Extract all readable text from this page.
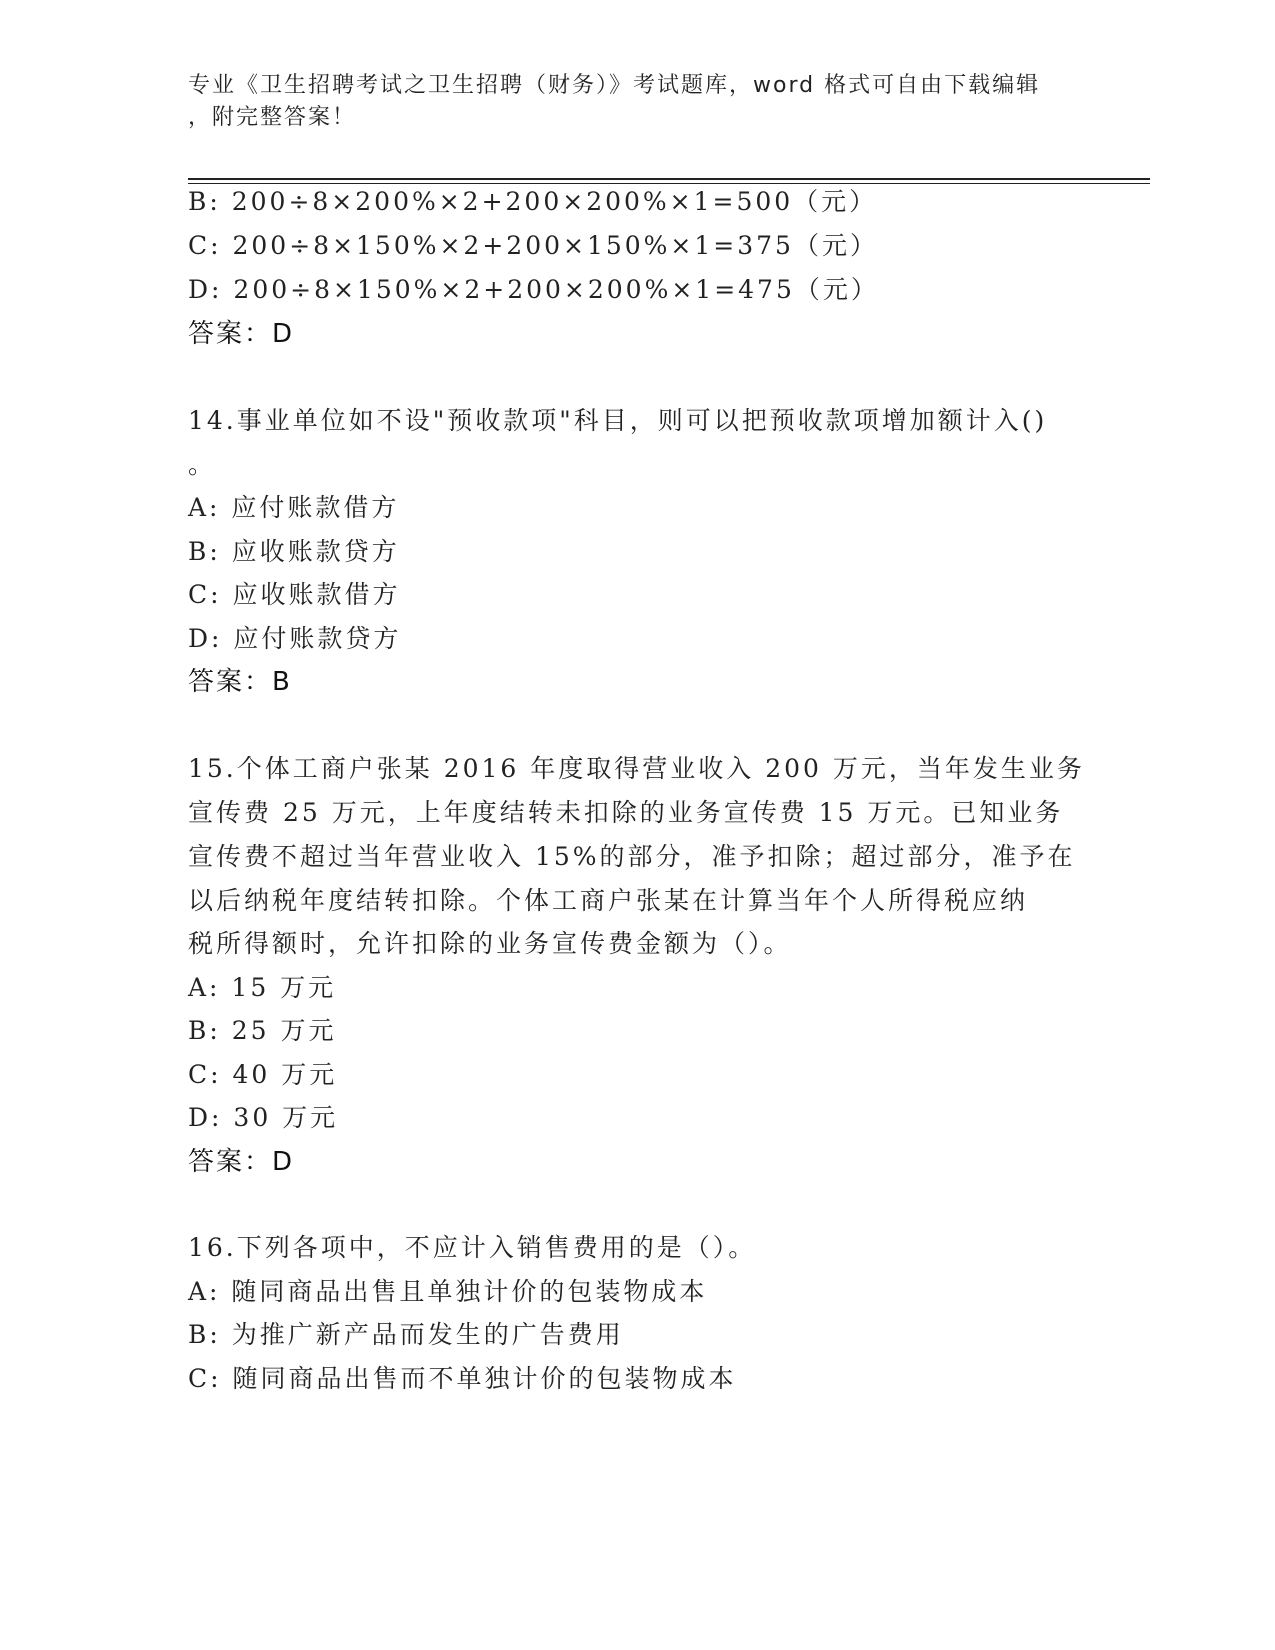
专业《卫生招聘考试之卫生招聘（财务）》考试题库，word 格式可自由下载编辑
，附完整答案！
B: 200÷8×200%×2+200×200%×1=500（元）
C: 200÷8×150%×2+200×150%×1=375（元）
D: 200÷8×150%×2+200×200%×1=475（元）
答案：D
14.事业单位如不设"预收款项"科目，则可以把预收款项增加额计入()
。
A: 应付账款借方
B: 应收账款贷方
C: 应收账款借方
D: 应付账款贷方
答案：B
15.个体工商户张某 2016 年度取得营业收入 200 万元，当年发生业务
宣传费 25 万元，上年度结转未扣除的业务宣传费 15 万元。已知业务
宣传费不超过当年营业收入 15%的部分，准予扣除；超过部分，准予在
以后纳税年度结转扣除。个体工商户张某在计算当年个人所得税应纳
税所得额时，允许扣除的业务宣传费金额为（）。
A: 15 万元
B: 25 万元
C: 40 万元
D: 30 万元
答案：D
16.下列各项中，不应计入销售费用的是（）。
A: 随同商品出售且单独计价的包装物成本
B: 为推广新产品而发生的广告费用
C: 随同商品出售而不单独计价的包装物成本
